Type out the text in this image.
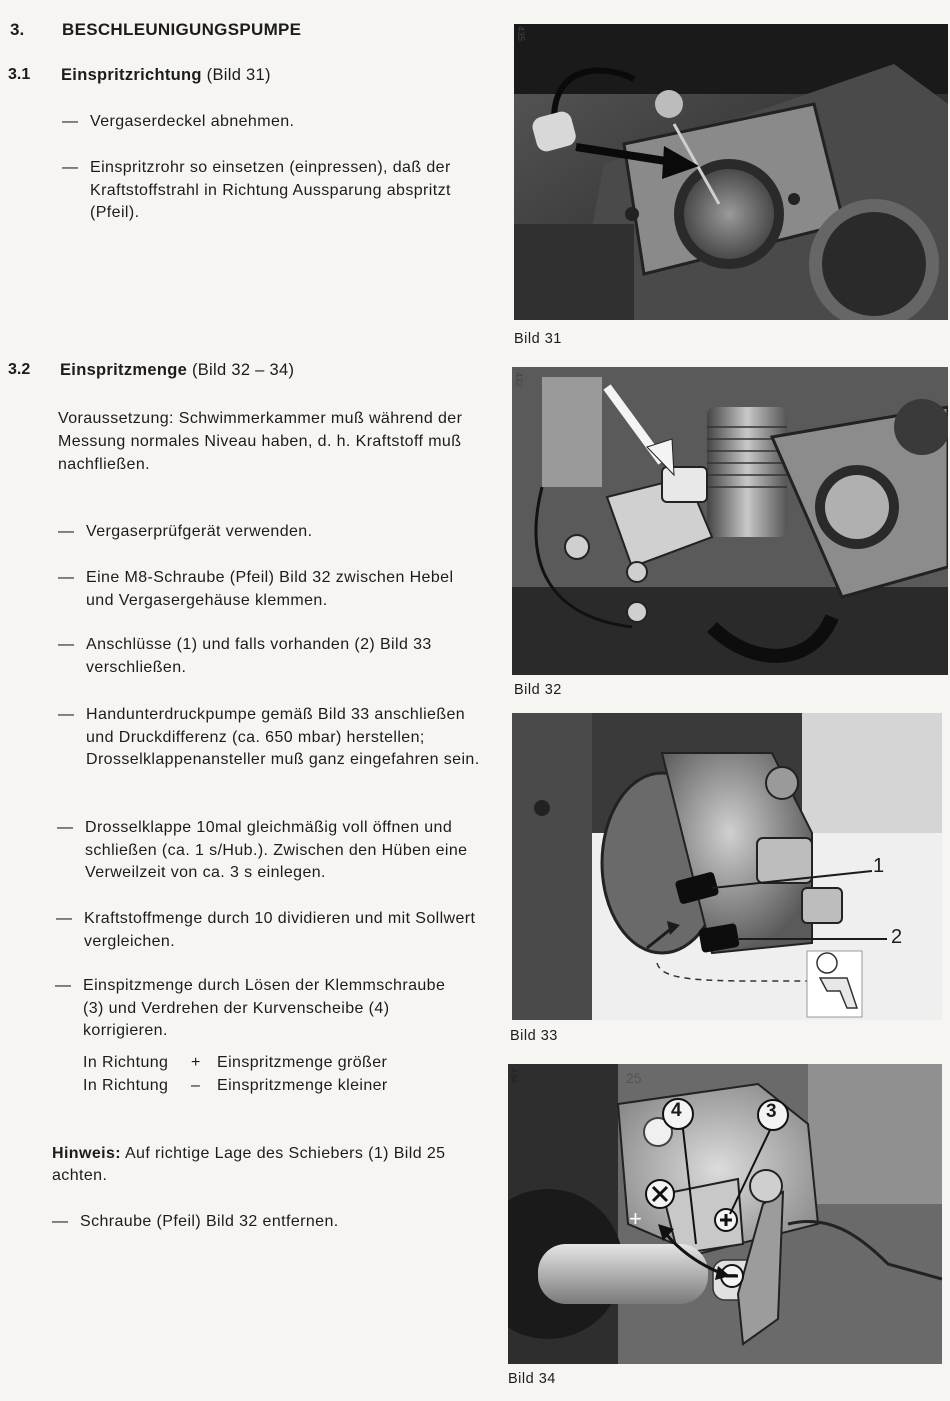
3. BESCHLEUNIGUNGSPUMPE
3.1 Einspritzrichtung (Bild 31)
— Vergaserdeckel abnehmen.
— Einspritzrohr so einsetzen (einpressen), daß der Kraftstoffstrahl in Richtung Aussparung abspritzt (Pfeil).
3.2 Einspritzmenge (Bild 32 – 34)
Voraussetzung: Schwimmerkammer muß während der Messung normales Niveau haben, d. h. Kraftstoff muß nachfließen.
— Vergaserprüfgerät verwenden.
— Eine M8-Schraube (Pfeil) Bild 32 zwischen Hebel und Vergasergehäuse klemmen.
— Anschlüsse (1) und falls vorhanden (2) Bild 33 verschließen.
— Handunterdruckpumpe gemäß Bild 33 anschließen und Druckdifferenz (ca. 650 mbar) herstellen; Drosselklappenansteller muß ganz eingefahren sein.
— Drosselklappe 10mal gleichmäßig voll öffnen und schließen (ca. 1 s/Hub.). Zwischen den Hüben eine Verweilzeit von ca. 3 s einlegen.
— Kraftstoffmenge durch 10 dividieren und mit Sollwert vergleichen.
— Einspitzmenge durch Lösen der Klemmschraube (3) und Verdrehen der Kurvenscheibe (4) korrigieren.
In Richtung + Einspritzmenge größer
In Richtung – Einspritzmenge kleiner
Hinweis: Auf richtige Lage des Schiebers (1) Bild 25 achten.
— Schraube (Pfeil) Bild 32 entfernen.
435
Bild 31
432
Bild 32
1
2
Bild 33
434	25
4	3
+
–
Bild 34
